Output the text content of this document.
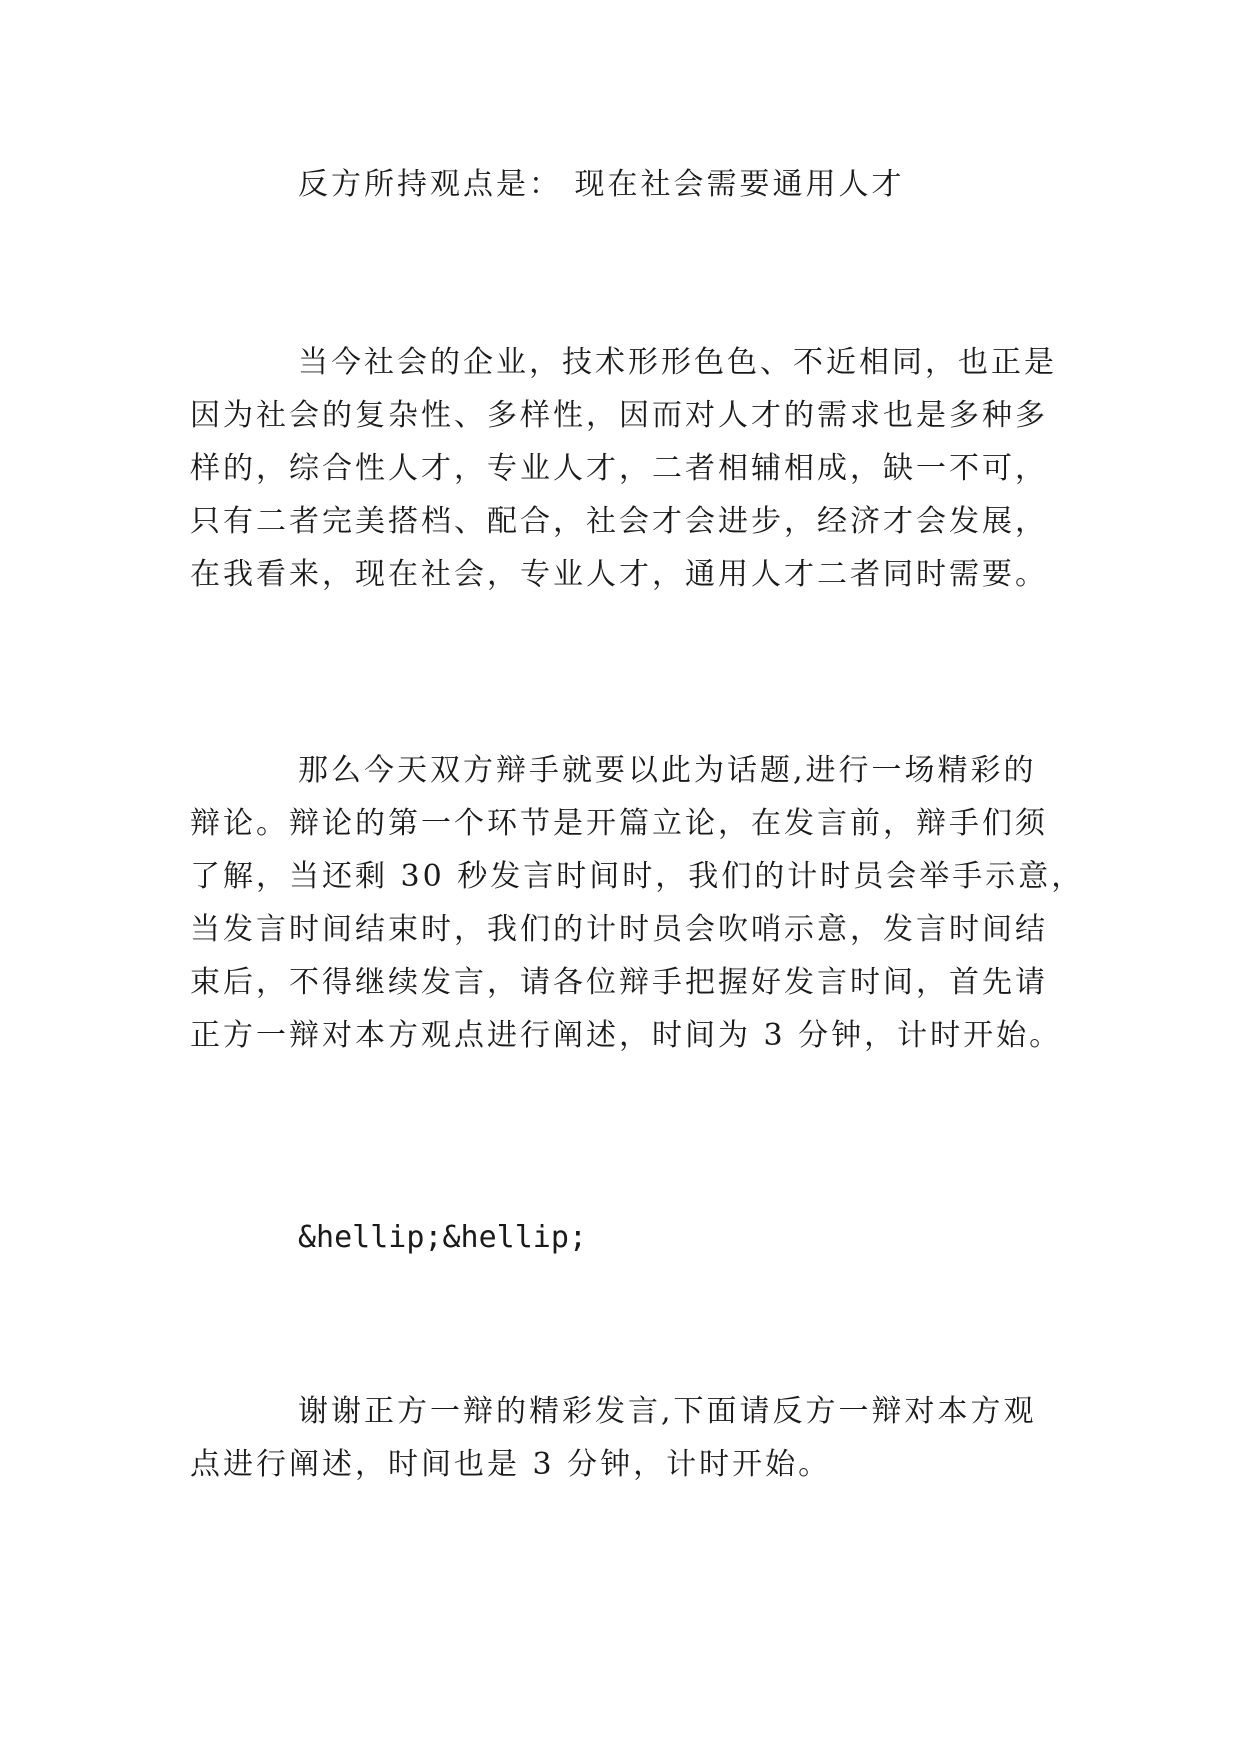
反方所持观点是： 现在社会需要通用人才

当今社会的企业，技术形形色色、不近相同，也正是
因为社会的复杂性、多样性，因而对人才的需求也是多种多
样的，综合性人才，专业人才，二者相辅相成，缺一不可，
只有二者完美搭档、配合，社会才会进步，经济才会发展，
在我看来，现在社会，专业人才，通用人才二者同时需要。

那么今天双方辩手就要以此为话题,进行一场精彩的
辩论。辩论的第一个环节是开篇立论，在发言前，辩手们须
了解，当还剩 30 秒发言时间时，我们的计时员会举手示意，
当发言时间结束时，我们的计时员会吹哨示意，发言时间结
束后，不得继续发言，请各位辩手把握好发言时间，首先请
正方一辩对本方观点进行阐述，时间为 3 分钟，计时开始。

&hellip;&hellip;

谢谢正方一辩的精彩发言,下面请反方一辩对本方观
点进行阐述，时间也是 3 分钟，计时开始。
